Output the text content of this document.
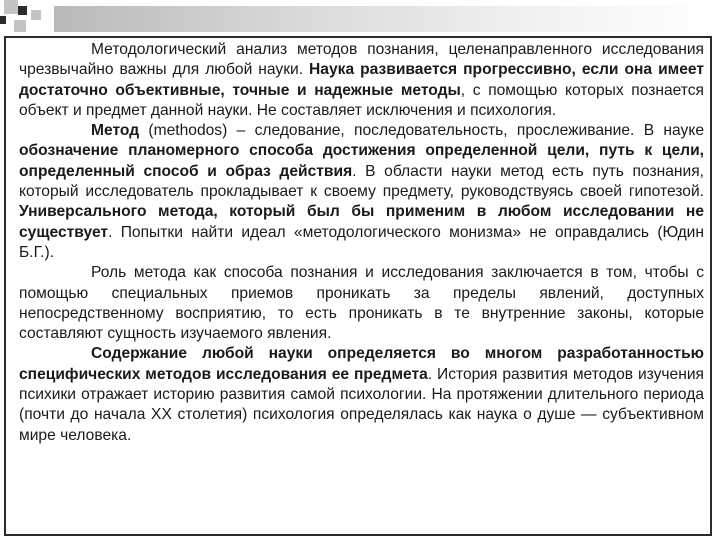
Методологический анализ методов познания, целенаправленного исследования чрезвычайно важны для любой науки. Наука развивается прогрессивно, если она имеет достаточно объективные, точные и надежные методы, с помощью которых познается объект и предмет данной науки. Не составляет исключения и психология.

Метод (methodos) – следование, последовательность, прослеживание. В науке обозначение планомерного способа достижения определенной цели, путь к цели, определенный способ и образ действия. В области науки метод есть путь познания, который исследователь прокладывает к своему предмету, руководствуясь своей гипотезой. Универсального метода, который был бы применим в любом исследовании не существует. Попытки найти идеал «методологического монизма» не оправдались (Юдин Б.Г.).

Роль метода как способа познания и исследования заключается в том, чтобы с помощью специальных приемов проникать за пределы явлений, доступных непосредственному восприятию, то есть проникать в те внутренние законы, которые составляют сущность изучаемого явления.

Содержание любой науки определяется во многом разработанностью специфических методов исследования ее предмета. История развития методов изучения психики отражает историю развития самой психологии. На протяжении длительного периода (почти до начала XX столетия) психология определялась как наука о душе — субъективном мире человека.
